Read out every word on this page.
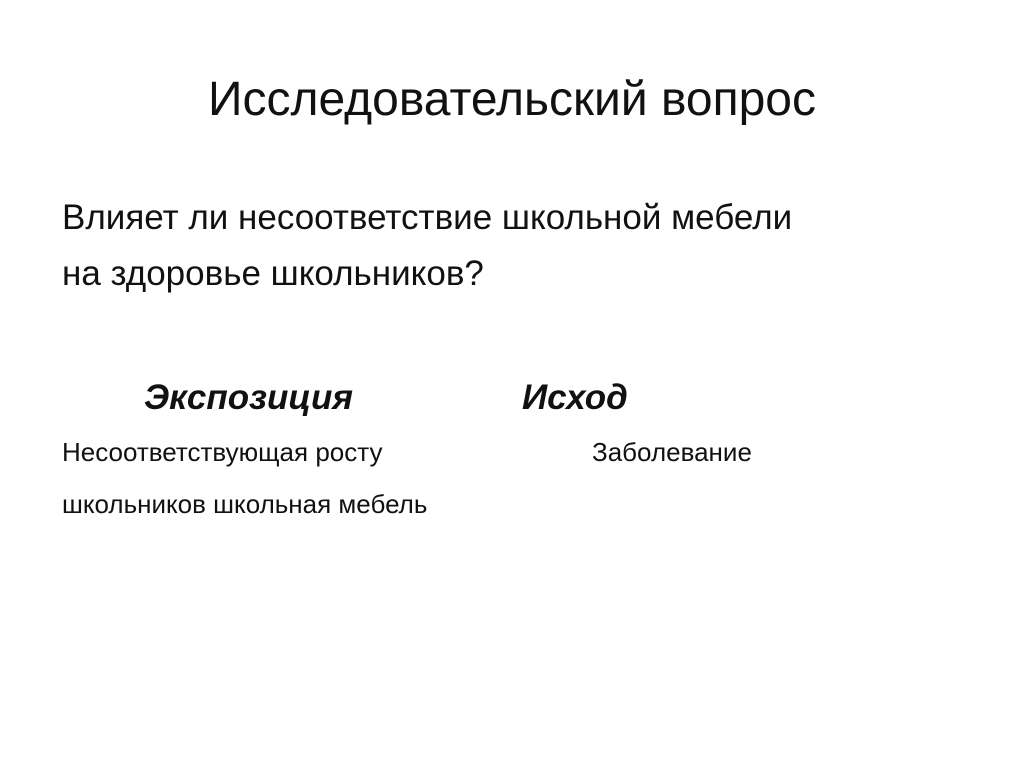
Исследовательский вопрос
Влияет ли несоответствие школьной мебели
на здоровье школьников?
Экспозиция	Исход
Несоответствующая росту
школьников школьная мебель
Заболевание
